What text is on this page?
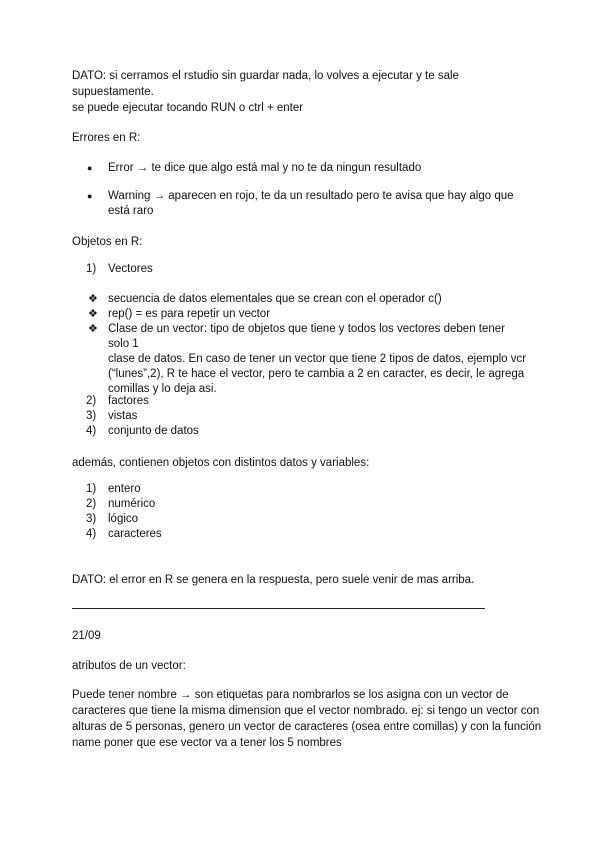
DATO: si cerramos el rstudio sin guardar nada, lo volves a ejecutar y te sale supuestamente.
se puede ejecutar tocando RUN o ctrl + enter

Errores en R:

●	Error → te dice que algo está mal y no te da ningun resultado
●	Warning → aparecen en rojo, te da un resultado pero te avisa que hay algo que
está raro

Objetos en R:

1)	Vectores
❖ secuencia de datos elementales que se crean con el operador c()
❖ rep() = es para repetir un vector
❖ Clase de un vector: tipo de objetos que tiene y todos los vectores deben tener solo 1
clase de datos. En caso de tener un vector que tiene 2 tipos de datos, ejemplo vcr
(“lunes”,2), R te hace el vector, pero te cambia a 2 en caracter, es decir, le agrega
comillas y lo deja asi.
2)	factores
3)	vistas
4)	conjunto de datos

además, contienen objetos con distintos datos y variables:

1)	entero
2)	numérico
3)	lógico
4)	caracteres

DATO: el error en R se genera en la respuesta, pero suele venir de mas arriba.

21/09

atributos de un vector:

Puede tener nombre → son etiquetas para nombrarlos se los asigna con un vector de
caracteres que tiene la misma dimension que el vector nombrado. ej: si tengo un vector con
alturas de 5 personas, genero un vector de caracteres (osea entre comillas) y con la función
name poner que ese vector va a tener los 5 nombres
